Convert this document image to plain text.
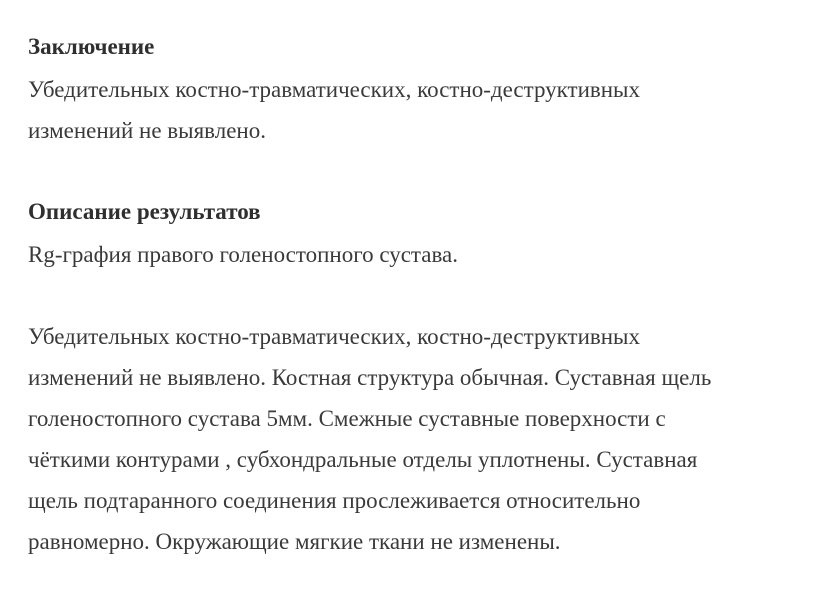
Заключение
Убедительных костно-травматических, костно-деструктивных
изменений не выявлено.
Описание результатов
Rg-графия правого голеностопного сустава.
Убедительных костно-травматических, костно-деструктивных
изменений не выявлено. Костная структура обычная. Суставная щель
голеностопного сустава 5мм. Смежные суставные поверхности с
чёткими контурами , субхондральные отделы уплотнены. Суставная
щель подтаранного соединения прослеживается относительно
равномерно. Окружающие мягкие ткани не изменены.
